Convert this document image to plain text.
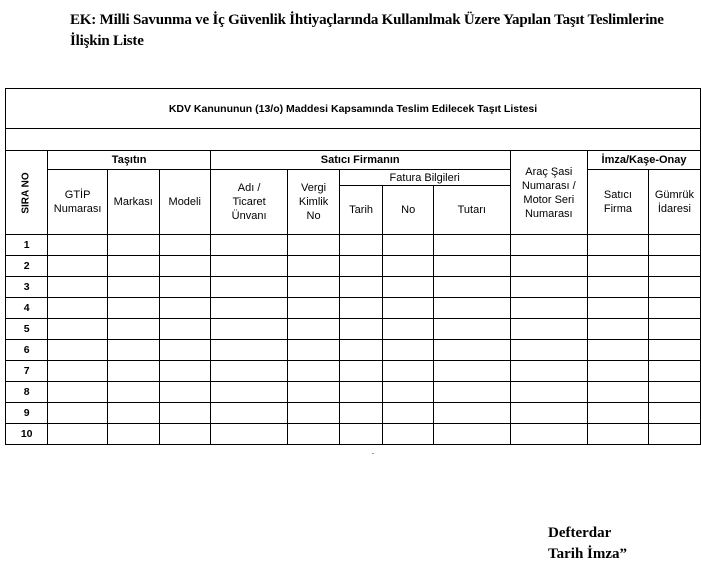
EK: Milli Savunma ve İç Güvenlik İhtiyaçlarında Kullanılmak Üzere Yapılan Taşıt Teslimlerine
İlişkin Liste
KDV Kanununun (13/o) Maddesi Kapsamında Teslim Edilecek Taşıt Listesi											

SIRA NO	Taşıtın			Satıcı Firmanın					Araç Şasi Numarası / Motor Seri Numarası	İmza/Kaşe-Onay	
	GTİP Numarası	Markası	Modeli	Adı / Ticaret Ünvanı	Vergi Kimlik No	Fatura Bilgileri				Satıcı Firma	Gümrük İdaresi
						Tarih	No	Tutarı			
1											
2											
3											
4											
5											
6											
7											
8											
9											
10											
Defterdar
Tarih İmza”
